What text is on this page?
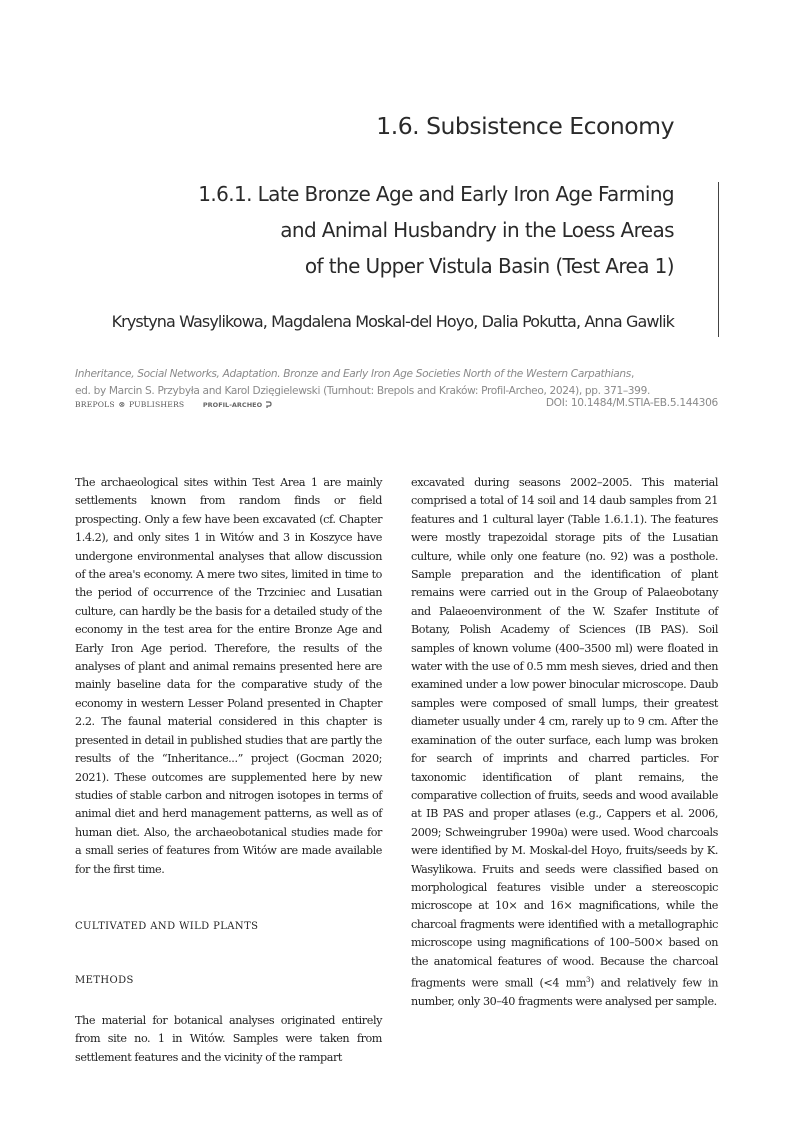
1.6. Subsistence Economy
1.6.1. Late Bronze Age and Early Iron Age Farming
and Animal Husbandry in the Loess Areas
of the Upper Vistula Basin (Test Area 1)
Krystyna Wasylikowa, Magdalena Moskal-del Hoyo, Dalia Pokutta, Anna Gawlik
Inheritance, Social Networks, Adaptation. Bronze and Early Iron Age Societies North of the Western Carpathians,
ed. by Marcin S. Przybyła and Karol Dzięgielewski (Turnhout: Brepols and Kraków: Profil-Archeo, 2024), pp. 371–399.
BREPOLS ⊗ PUBLISHERS	PROFIL-ARCHEO	DOI: 10.1484/M.STIA-EB.5.144306

The archaeological sites within Test Area 1 are mainly settlements known from random finds or field prospecting. Only a few have been excavated (cf. Chapter 1.4.2), and only sites 1 in Witów and 3 in Koszyce have undergone environmental analyses that allow discussion of the area's economy. A mere two sites, limited in time to the period of occurrence of the Trzciniec and Lusatian culture, can hardly be the basis for a detailed study of the economy in the test area for the entire Bronze Age and Early Iron Age period. Therefore, the results of the analyses of plant and animal remains presented here are mainly baseline data for the comparative study of the economy in western Lesser Poland presented in Chapter 2.2. The faunal material considered in this chapter is presented in detail in published studies that are partly the results of the “Inheritance...” project (Gocman 2020; 2021). These outcomes are supplemented here by new studies of stable carbon and nitrogen isotopes in terms of animal diet and herd management patterns, as well as of human diet. Also, the archaeobotanical studies made for a small series of features from Witów are made available for the first time.

CULTIVATED AND WILD PLANTS
METHODS

The material for botanical analyses originated entirely from site no. 1 in Witów. Samples were taken from settlement features and the vicinity of the rampart

excavated during seasons 2002–2005. This material comprised a total of 14 soil and 14 daub samples from 21 features and 1 cultural layer (Table 1.6.1.1). The features were mostly trapezoidal storage pits of the Lusatian culture, while only one feature (no. 92) was a posthole. Sample preparation and the identification of plant remains were carried out in the Group of Palaeobotany and Palaeoenvironment of the W. Szafer Institute of Botany, Polish Academy of Sciences (IB PAS). Soil samples of known volume (400–3500 ml) were floated in water with the use of 0.5 mm mesh sieves, dried and then examined under a low power binocular microscope. Daub samples were composed of small lumps, their greatest diameter usually under 4 cm, rarely up to 9 cm. After the examination of the outer surface, each lump was broken for search of imprints and charred particles. For taxonomic identification of plant remains, the comparative collection of fruits, seeds and wood available at IB PAS and proper atlases (e.g., Cappers et al. 2006, 2009; Schweingruber 1990a) were used. Wood charcoals were identified by M. Moskal-del Hoyo, fruits/seeds by K. Wasylikowa. Fruits and seeds were classified based on morphological features visible under a stereoscopic microscope at 10× and 16× magnifications, while the charcoal fragments were identified with a metallographic microscope using magnifications of 100–500× based on the anatomical features of wood. Because the charcoal fragments were small (<4 $mm^3$) and relatively few in number, only 30–40 fragments were analysed per sample.
